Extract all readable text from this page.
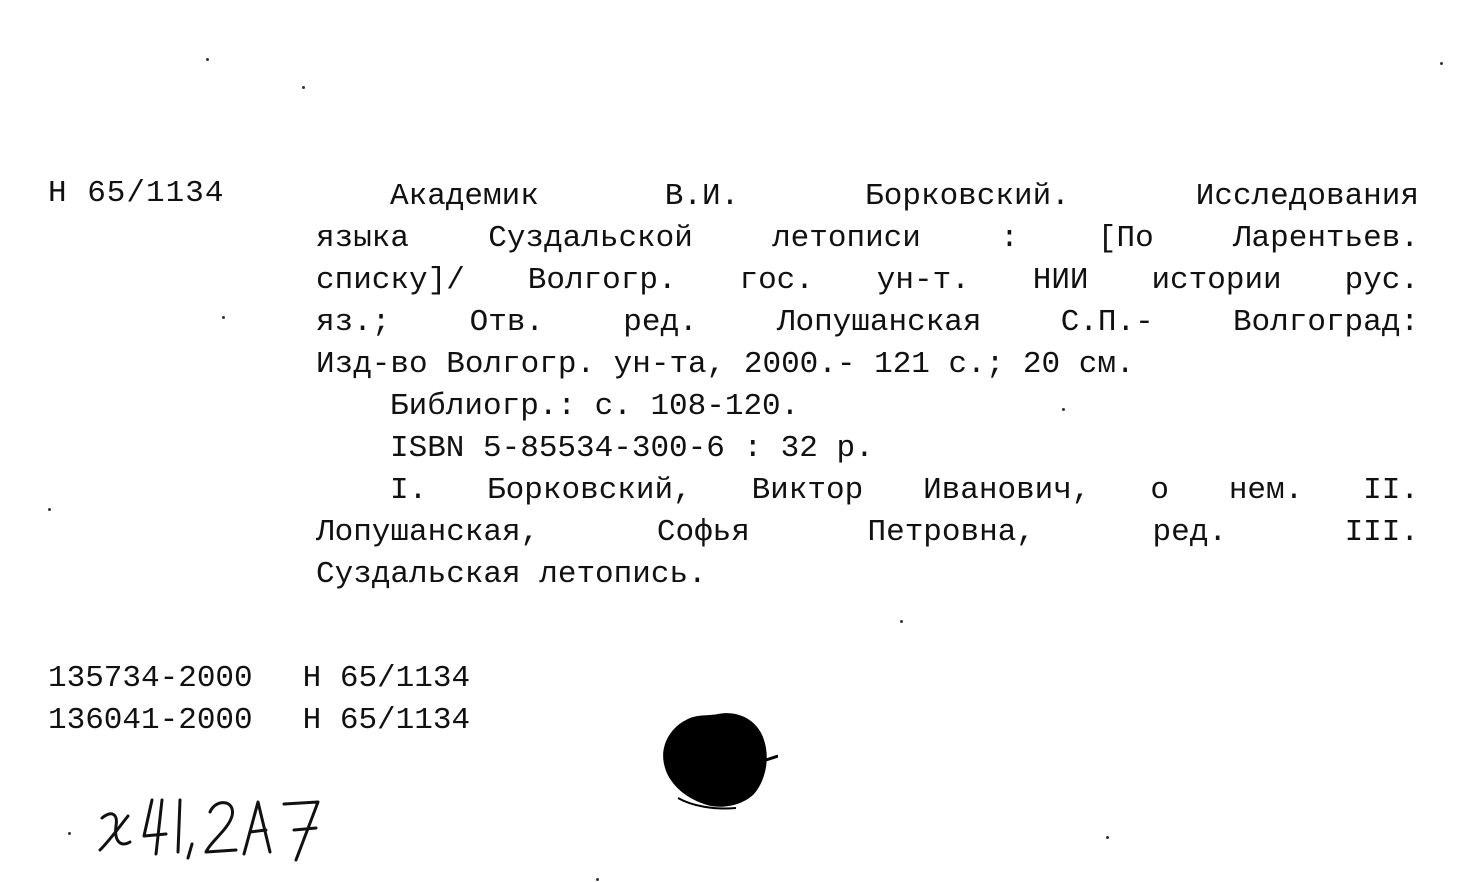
Н 65/1134	Академик	В.И.	Борковский.	Исследования
языка	Суздальской	летописи	:	[По	Ларентьев.
списку]/ Волгогр. гос. ун-т. НИИ истории рус.
яз.;	Отв.	ред.	Лопушанская	С.П.-	Волгоград:
Изд-во Волгогр. ун-та, 2000.- 121 с.; 20 см.
Библиогр.: с. 108-120.
ISBN 5-85534-300-6 : 32 р.
I. Борковский, Виктор Иванович, о нем. II.
Лопушанская,	Софья	Петровна,	ред.	III.
Суздальская летопись.
135734-2000 Н 65/1134
136041-2000 Н 65/1134
